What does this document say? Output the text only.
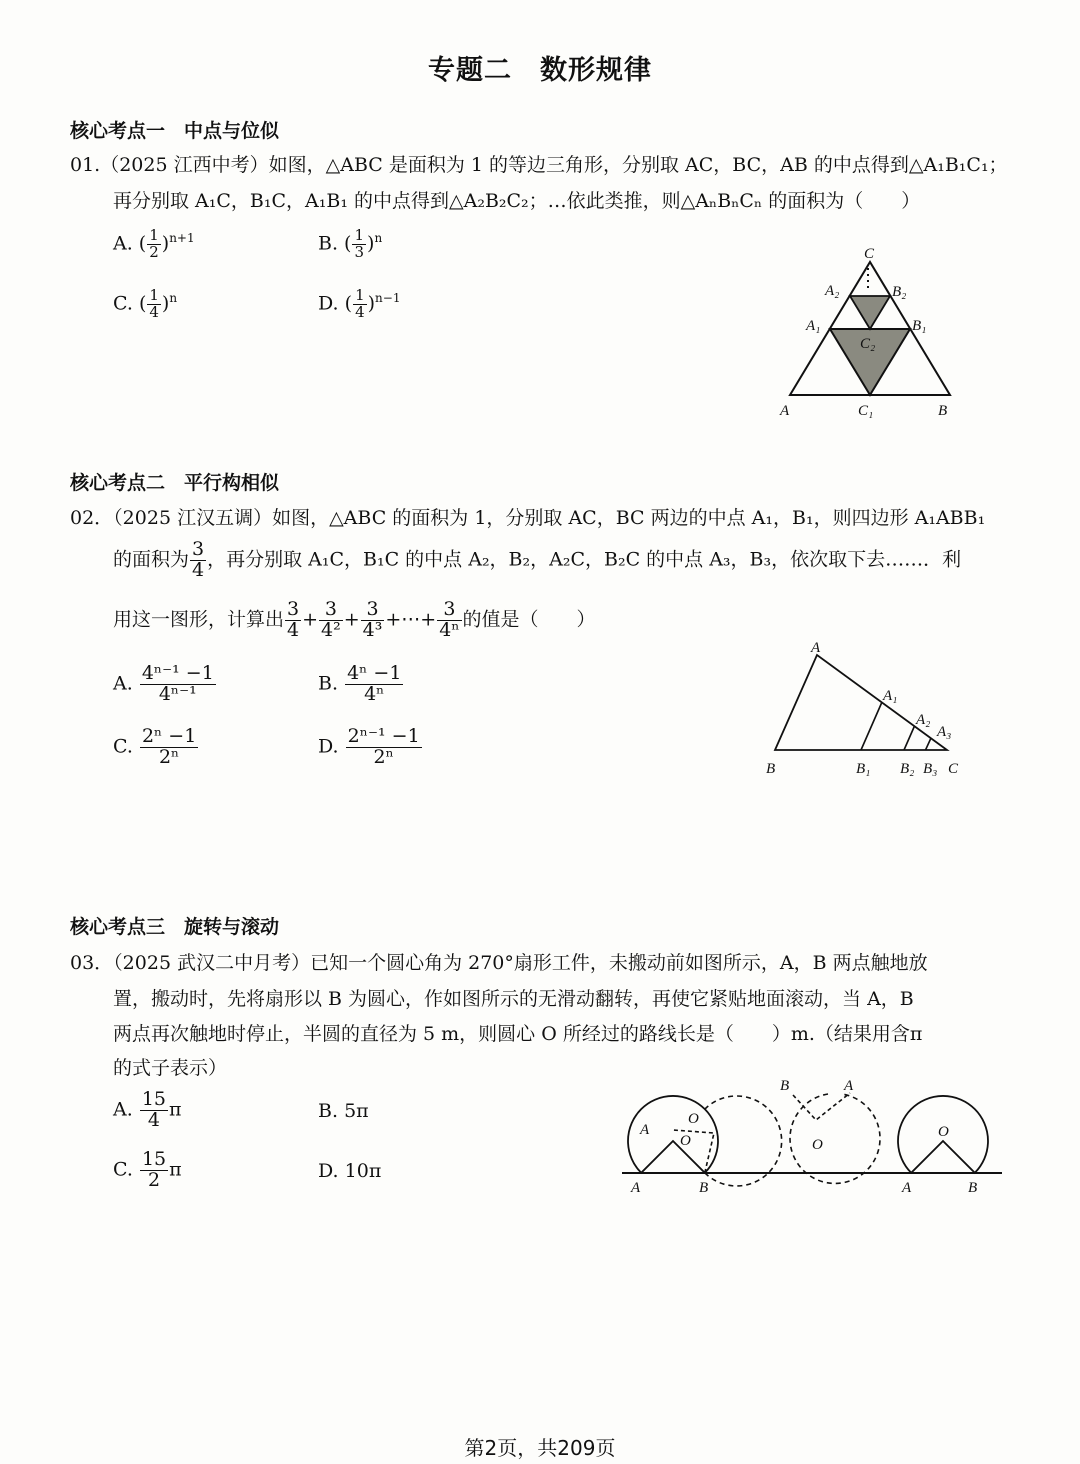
专题二　数形规律
核心考点一　中点与位似
01.（2025 江西中考）如图，△ABC 是面积为 1 的等边三角形，分别取 AC，BC，AB 的中点得到△A₁B₁C₁；
再分别取 A₁C，B₁C，A₁B₁ 的中点得到△A₂B₂C₂；…依此类推，则△AₙBₙCₙ 的面积为（　　）
A. ( $\frac{1}{2} )^{n+1}$	B. ( $\frac{1}{3} )^n$
C. ( $\frac{1}{4} )^n$	D. ( $\frac{1}{4} )^{n-1}$
C
A₂	B₂
A₁	B₁
C₂
A	C₁	B
核心考点二　平行构相似
02．（2025 江汉五调）如图，△ABC 的面积为 1，分别取 AC，BC 两边的中点 A₁，B₁，则四边形 A₁ABB₁
的面积为 $\frac{3}{4}$ ，再分别取 A₁C，B₁C 的中点 A₂，B₂，A₂C，B₂C 的中点 A₃，B₃，依次取下去……．利
用这一图形，计算出 $\frac{3}{4} + \frac{3}{\text{4²}} + \frac{3}{\text{4³}}$ +⋯+ $\frac{3}{\text{4ⁿ}}$ 的值是（　　）
A. $\frac{\text{4ⁿ⁻¹ −1}}{\text{4ⁿ⁻¹}}$	B. $\frac{\text{4ⁿ −1}}{\text{4ⁿ}}$
C. $\frac{\text{2ⁿ −1}}{\text{2ⁿ}}$	D. $\frac{\text{2ⁿ⁻¹ −1}}{\text{2ⁿ}}$
A
A₁
A₂
A₃
B	B₁ B₂ B₃ C
核心考点三　旋转与滚动
03．（2025 武汉二中月考）已知一个圆心角为 270°扇形工件，未搬动前如图所示，A，B 两点触地放
置，搬动时，先将扇形以 B 为圆心，作如图所示的无滑动翻转，再使它紧贴地面滚动，当 A，B
两点再次触地时停止，半圆的直径为 5 m，则圆心 O 所经过的路线长是（　　）m.（结果用含π
的式子表示）
A. $\frac{15}{4}$ π	B. 5π
C. $\frac{15}{2}$ π	D. 10π
A
O
O
A	B
B	A
O
O
A	B
第2页，共209页
